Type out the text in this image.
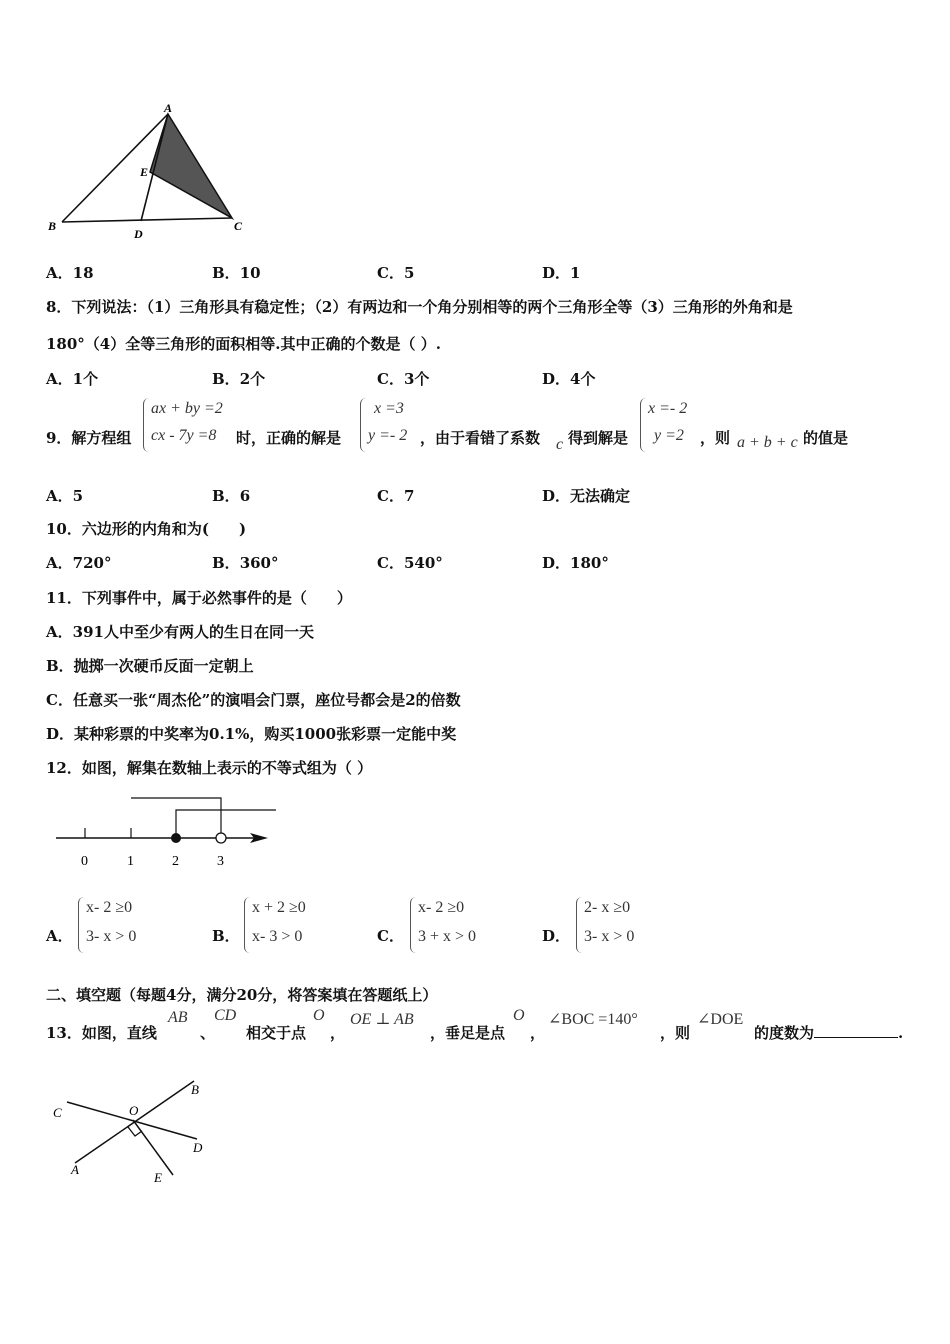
A
B	C
D
E
A．18	B．10	C．5	D．1
8．下列说法：（1）三角形具有稳定性；（2）有两边和一个角分别相等的两个三角形全等（3）三角形的外角和是
180°（4）全等三角形的面积相等.其中正确的个数是（ ）.
A．1个	B．2个	C．3个	D．4个
9．解方程组
ax + by =2
cx - 7y =8 时，正确的解是
x =3
y =- 2 ，由于看错了系数 c 得到解是
x =- 2
y =2 ，则 a + b + c 的值是
A．5	B．6	C．7	D．无法确定
10．六边形的内角和为(　　)
A．720°	B．360°	C．540°	D．180°
11．下列事件中，属于必然事件的是（　　）
A．391人中至少有两人的生日在同一天
B．抛掷一次硬币反面一定朝上
C．任意买一张“周杰伦”的演唱会门票，座位号都会是2的倍数
D．某种彩票的中奖率为0.1%，购买1000张彩票一定能中奖
12．如图，解集在数轴上表示的不等式组为（ ）
0	1	2	3
A．
x- 2 ≥0
3- x > 0	B．
x + 2 ≥0
x- 3 > 0	C．
x- 2 ≥0
3 + x > 0	D．
2- x ≥0
3- x > 0
二、填空题（每题4分，满分20分，将答案填在答题纸上）
13．如图，直线
AB
、
CD
相交于点
O
，
OE ⊥ AB
，垂足是点
O
，
∠BOC =140°
，则
∠DOE
的度数为	.
A
B
C
D
E
O
